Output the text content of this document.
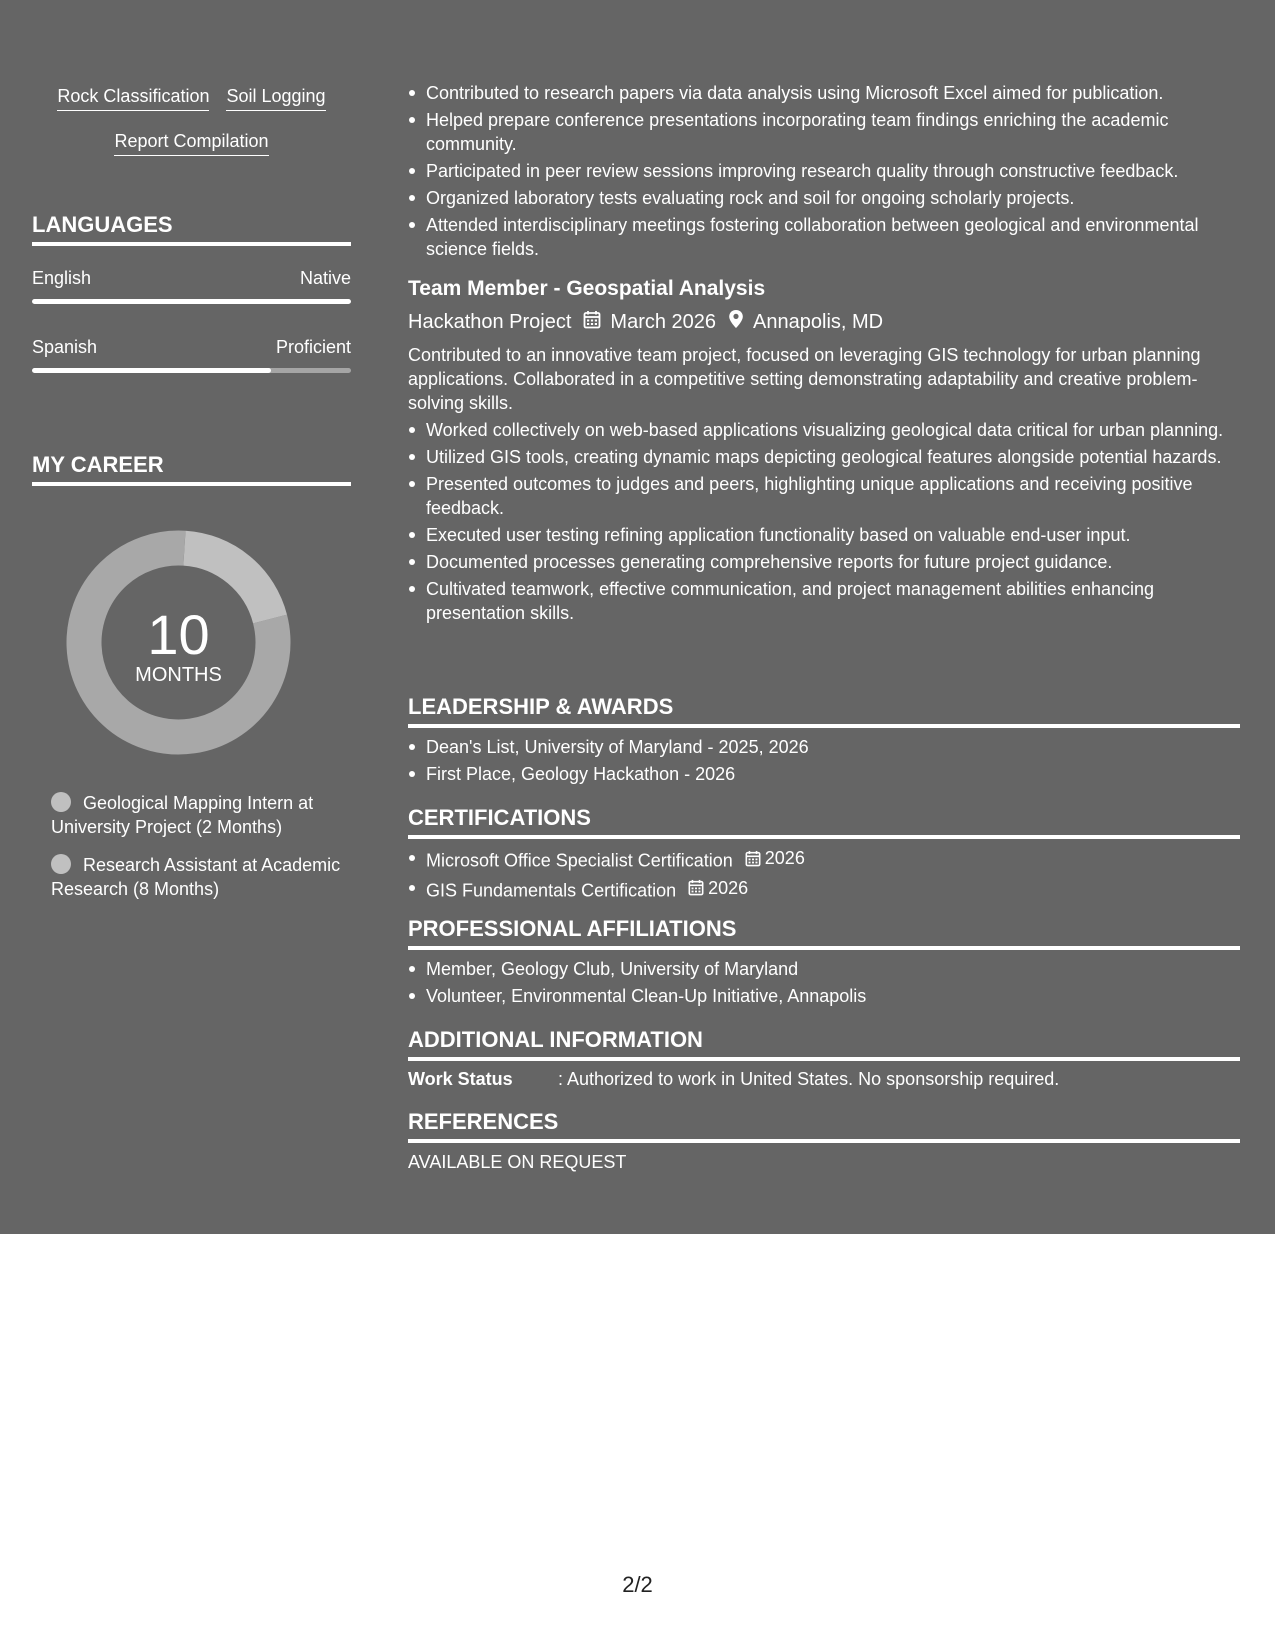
Rock Classification Soil Logging
Report Compilation
LANGUAGES
English	Native
Spanish	Proficient
MY CAREER
10
MONTHS
Geological Mapping Intern at University Project (2 Months)
Research Assistant at Academic Research (8 Months)
Contributed to research papers via data analysis using Microsoft Excel aimed for publication.
Helped prepare conference presentations incorporating team findings enriching the academic community.
Participated in peer review sessions improving research quality through constructive feedback.
Organized laboratory tests evaluating rock and soil for ongoing scholarly projects.
Attended interdisciplinary meetings fostering collaboration between geological and environmental science fields.
Team Member - Geospatial Analysis
Hackathon Project March 2026 Annapolis, MD
Contributed to an innovative team project, focused on leveraging GIS technology for urban planning applications. Collaborated in a competitive setting demonstrating adaptability and creative problem-solving skills.
Worked collectively on web-based applications visualizing geological data critical for urban planning.
Utilized GIS tools, creating dynamic maps depicting geological features alongside potential hazards.
Presented outcomes to judges and peers, highlighting unique applications and receiving positive feedback.
Executed user testing refining application functionality based on valuable end-user input.
Documented processes generating comprehensive reports for future project guidance.
Cultivated teamwork, effective communication, and project management abilities enhancing presentation skills.
LEADERSHIP & AWARDS
Dean's List, University of Maryland - 2025, 2026
First Place, Geology Hackathon - 2026
CERTIFICATIONS
Microsoft Office Specialist Certification 2026
GIS Fundamentals Certification 2026
PROFESSIONAL AFFILIATIONS
Member, Geology Club, University of Maryland
Volunteer, Environmental Clean-Up Initiative, Annapolis
ADDITIONAL INFORMATION
Work Status	: Authorized to work in United States. No sponsorship required.
REFERENCES
AVAILABLE ON REQUEST
2/2
